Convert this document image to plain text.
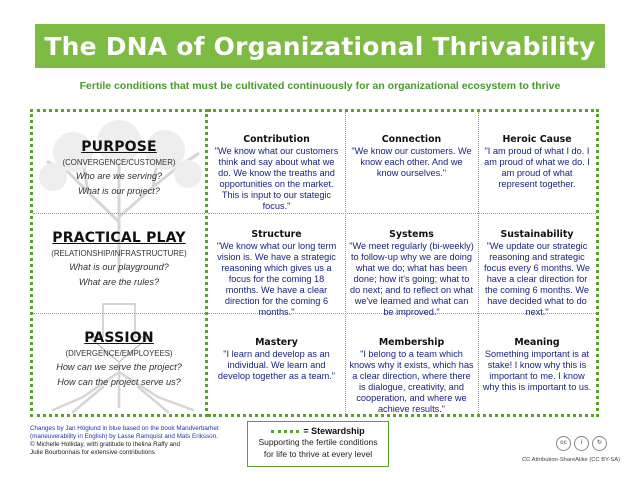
The DNA of Organizational Thrivability
Fertile conditions that must be cultivated continuously for an organizational ecosystem to thrive
PURPOSE
(CONVERGENCE/CUSTOMER)
Who are we serving?
What is our project?
PRACTICAL PLAY
(RELATIONSHIP/INFRASTRUCTURE)
What is our playground?
What are the rules?
PASSION
(DIVERGENCE/EMPLOYEES)
How can we serve the project?
How can the project serve us?
Contribution
"We know what our customers think and say about what we do. We know the treaths and opportunities on the market. This is input to our stategic focus."
Connection
"We know our customers. We know each other. And we know ourselves."
Heroic Cause
"I am proud of what I do. I am proud of what we do. I am proud of what represent together.
Structure
"We know what our long term vision is. We have a strategic reasoning which gives us a focus for the coming 18 months. We have a clear direction for the coming 6 months."
Systems
"We meet regularly (bi-weekly) to follow-up why we are doing what we do; what has been done; how it's going; what to do next; and to reflect on what we've learned and what can be improved."
Sustainability
"We update our strategic reasoning and strategic focus every 6 months. We have a clear direction for the coming 6 months. We have decided what to do next."
Mastery
"I learn and develop as an individual. We learn and develop together as a team."
Membership
"I belong to a team which knows why it exists, which has a clear direction, where there is dialogue, creativity, and cooperation, and where we achieve results."
Meaning
Something important is at stake! I know why this is important to me. I know why this is important to us.
Changes by Jan Höglund in blue based on the book Mandverbarhet
(maneuverability in English) by Lasse Ramquist and Mats Eriksson.
© Michelle Holliday, with gratitude to Ihelina Raffy and
Julie Bourbonnais for extensive contributions
= Stewardship
Supporting the fertile conditions
for life to thrive at every level
cc	i	↻
CC Attribution-ShareAlike (CC BY-SA)
